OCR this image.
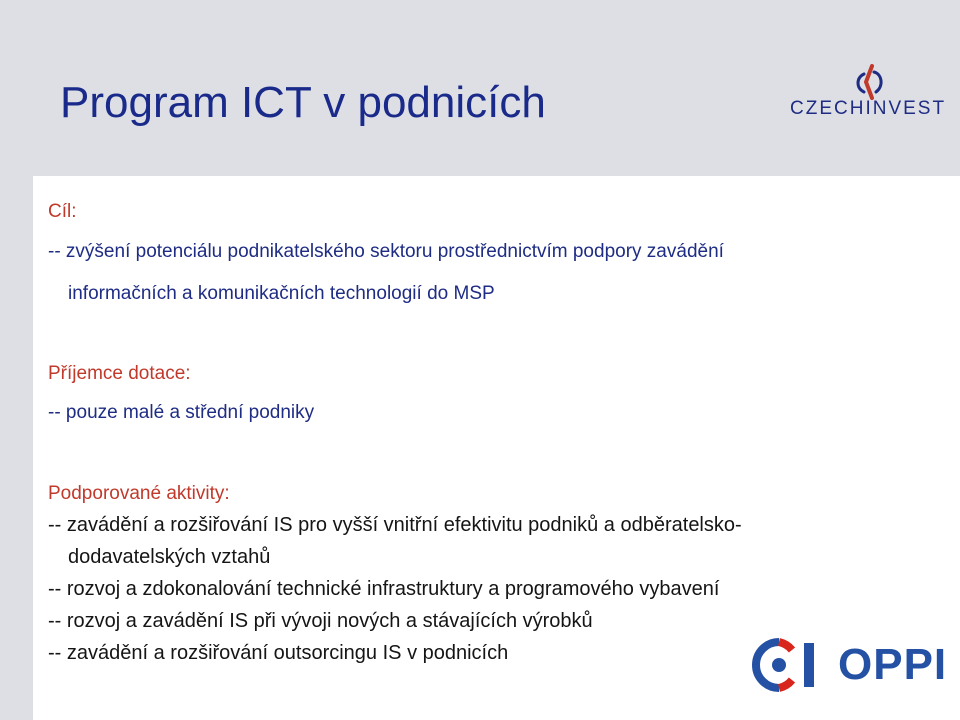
Program ICT v podnicích	CZECHINVEST
Cíl:
-- zvýšení potenciálu podnikatelského sektoru prostřednictvím podpory zavádění
informačních a komunikačních technologií do MSP
Příjemce dotace:
-- pouze malé a střední podniky
Podporované aktivity:
-- zavádění a rozšiřování IS pro vyšší vnitřní efektivitu podniků a odběratelsko-
dodavatelských vztahů
-- rozvoj a zdokonalování technické infrastruktury a programového vybavení
-- rozvoj a zavádění IS při vývoji nových a stávajících výrobků
-- zavádění a rozšiřování outsorcingu IS v podnicích	OPPI
